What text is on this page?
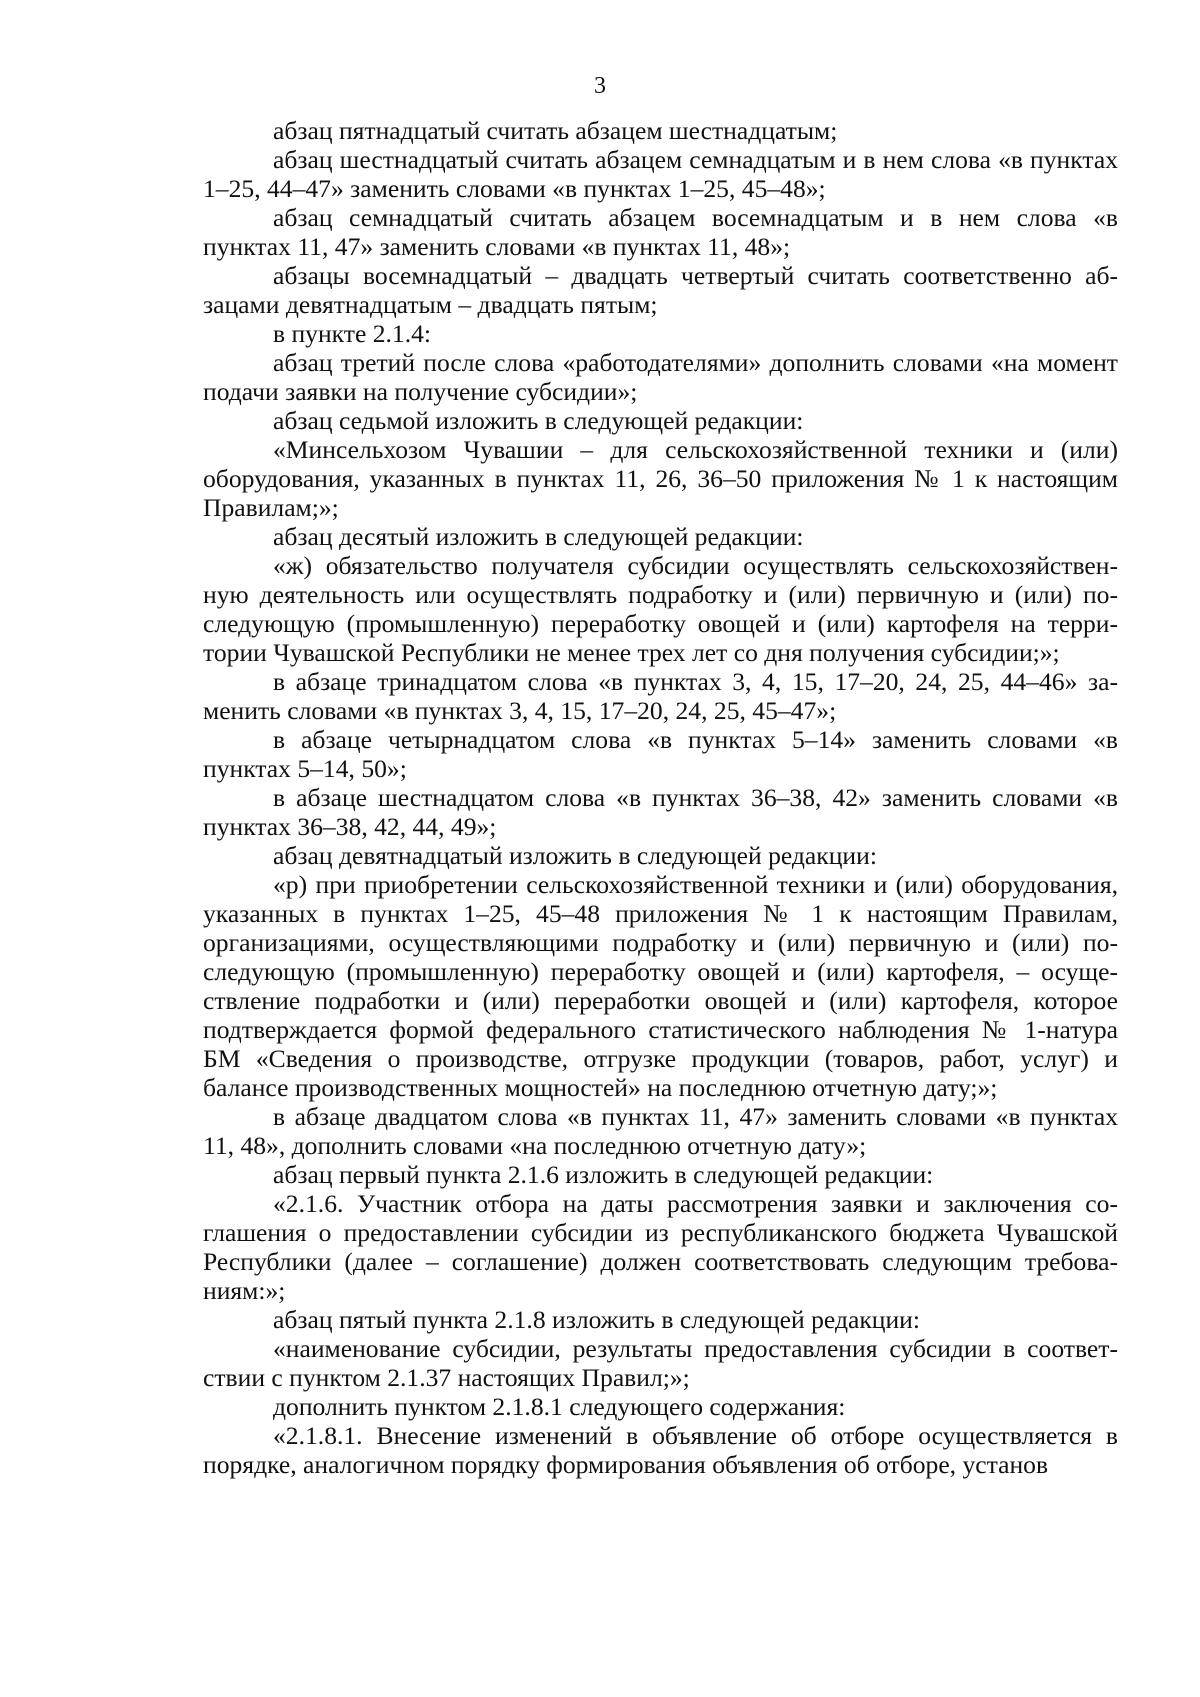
3

абзац пятнадцатый считать абзацем шестнадцатым;

абзац шестнадцатый считать абзацем семнадцатым и в нем слова «в пунктах 1–25, 44–47» заменить словами «в пунктах 1–25, 45–48»;

абзац семнадцатый считать абзацем восемнадцатым и в нем слова «в пунктах 11, 47» заменить словами «в пунктах 11, 48»;

абзацы восемнадцатый – двадцать четвертый считать соответственно абзацами девятнадцатым – двадцать пятым;

в пункте 2.1.4:

абзац третий после слова «работодателями» дополнить словами «на момент подачи заявки на получение субсидии»;

абзац седьмой изложить в следующей редакции:

«Минсельхозом Чувашии – для сельскохозяйственной техники и (или) оборудования, указанных в пунктах 11, 26, 36–50 приложения № 1 к настоящим Правилам;»;

абзац десятый изложить в следующей редакции:

«ж) обязательство получателя субсидии осуществлять сельскохозяйственную деятельность или осуществлять подработку и (или) первичную и (или) последующую (промышленную) переработку овощей и (или) картофеля на территории Чувашской Республики не менее трех лет со дня получения субсидии;»;

в абзаце тринадцатом слова «в пунктах 3, 4, 15, 17–20, 24, 25, 44–46» заменить словами «в пунктах 3, 4, 15, 17–20, 24, 25, 45–47»;

в абзаце четырнадцатом слова «в пунктах 5–14» заменить словами «в пунктах 5–14, 50»;

в абзаце шестнадцатом слова «в пунктах 36–38, 42» заменить словами «в пунктах 36–38, 42, 44, 49»;

абзац девятнадцатый изложить в следующей редакции:

«р) при приобретении сельскохозяйственной техники и (или) оборудования, указанных в пунктах 1–25, 45–48 приложения № 1 к настоящим Правилам, организациями, осуществляющими подработку и (или) первичную и (или) последующую (промышленную) переработку овощей и (или) картофеля, – осуществление подработки и (или) переработки овощей и (или) картофеля, которое подтверждается формой федерального статистического наблюдения № 1-натура БМ «Сведения о производстве, отгрузке продукции (товаров, работ, услуг) и балансе производственных мощностей» на последнюю отчетную дату;»;

в абзаце двадцатом слова «в пунктах 11, 47» заменить словами «в пунктах 11, 48», дополнить словами «на последнюю отчетную дату»;

абзац первый пункта 2.1.6 изложить в следующей редакции:

«2.1.6. Участник отбора на даты рассмотрения заявки и заключения соглашения о предоставлении субсидии из республиканского бюджета Чувашской Республики (далее – соглашение) должен соответствовать следующим требованиям:»;

абзац пятый пункта 2.1.8 изложить в следующей редакции:

«наименование субсидии, результаты предоставления субсидии в соответствии с пунктом 2.1.37 настоящих Правил;»;

дополнить пунктом 2.1.8.1 следующего содержания:

«2.1.8.1. Внесение изменений в объявление об отборе осуществляется в порядке, аналогичном порядку формирования объявления об отборе, установ
